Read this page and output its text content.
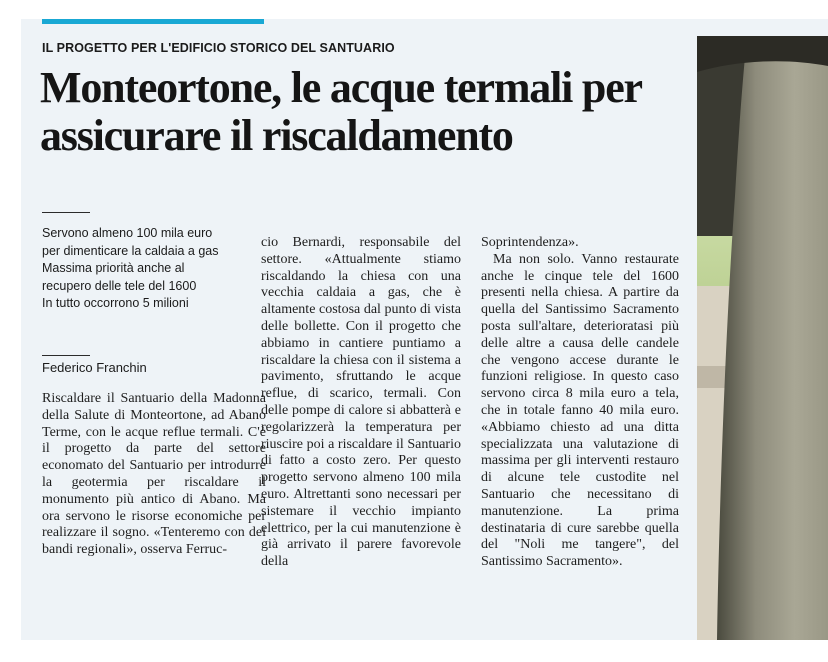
IL PROGETTO PER L'EDIFICIO STORICO DEL SANTUARIO
Monteortone, le acque termali per assicurare il riscaldamento
Servono almeno 100 mila euro
per dimenticare la caldaia a gas
Massima priorità anche al
recupero delle tele del 1600
In tutto occorrono 5 milioni
Federico Franchin

Riscaldare il Santuario della Madonna della Salute di Monteortone, ad Abano Terme, con le acque reflue termali. C'è il progetto da parte del settore economato del Santuario per introdurre la geotermia per riscaldare il monumento più antico di Abano. Ma ora servono le risorse economiche per realizzare il sogno. «Tenteremo con dei bandi regionali», osserva Ferruc-

cio Bernardi, responsabile del settore. «Attualmente stiamo riscaldando la chiesa con una vecchia caldaia a gas, che è altamente costosa dal punto di vista delle bollette. Con il progetto che abbiamo in cantiere puntiamo a riscaldare la chiesa con il sistema a pavimento, sfruttando le acque reflue, di scarico, termali. Con delle pompe di calore si abbatterà e regolarizzerà la temperatura per riuscire poi a riscaldare il Santuario di fatto a costo zero. Per questo progetto servono almeno 100 mila euro. Altrettanti sono necessari per sistemare il vecchio impianto elettrico, per la cui manutenzione è già arrivato il parere favorevole della

Soprintendenza».

Ma non solo. Vanno restaurate anche le cinque tele del 1600 presenti nella chiesa. A partire da quella del Santissimo Sacramento posta sull'altare, deterioratasi più delle altre a causa delle candele che vengono accese durante le funzioni religiose. In questo caso servono circa 8 mila euro a tela, che in totale fanno 40 mila euro. «Abbiamo chiesto ad una ditta specializzata una valutazione di massima per gli interventi restauro di alcune tele custodite nel Santuario che necessitano di manutenzione. La prima destinataria di cure sarebbe quella del "Noli me tangere", del Santissimo Sacramento».
